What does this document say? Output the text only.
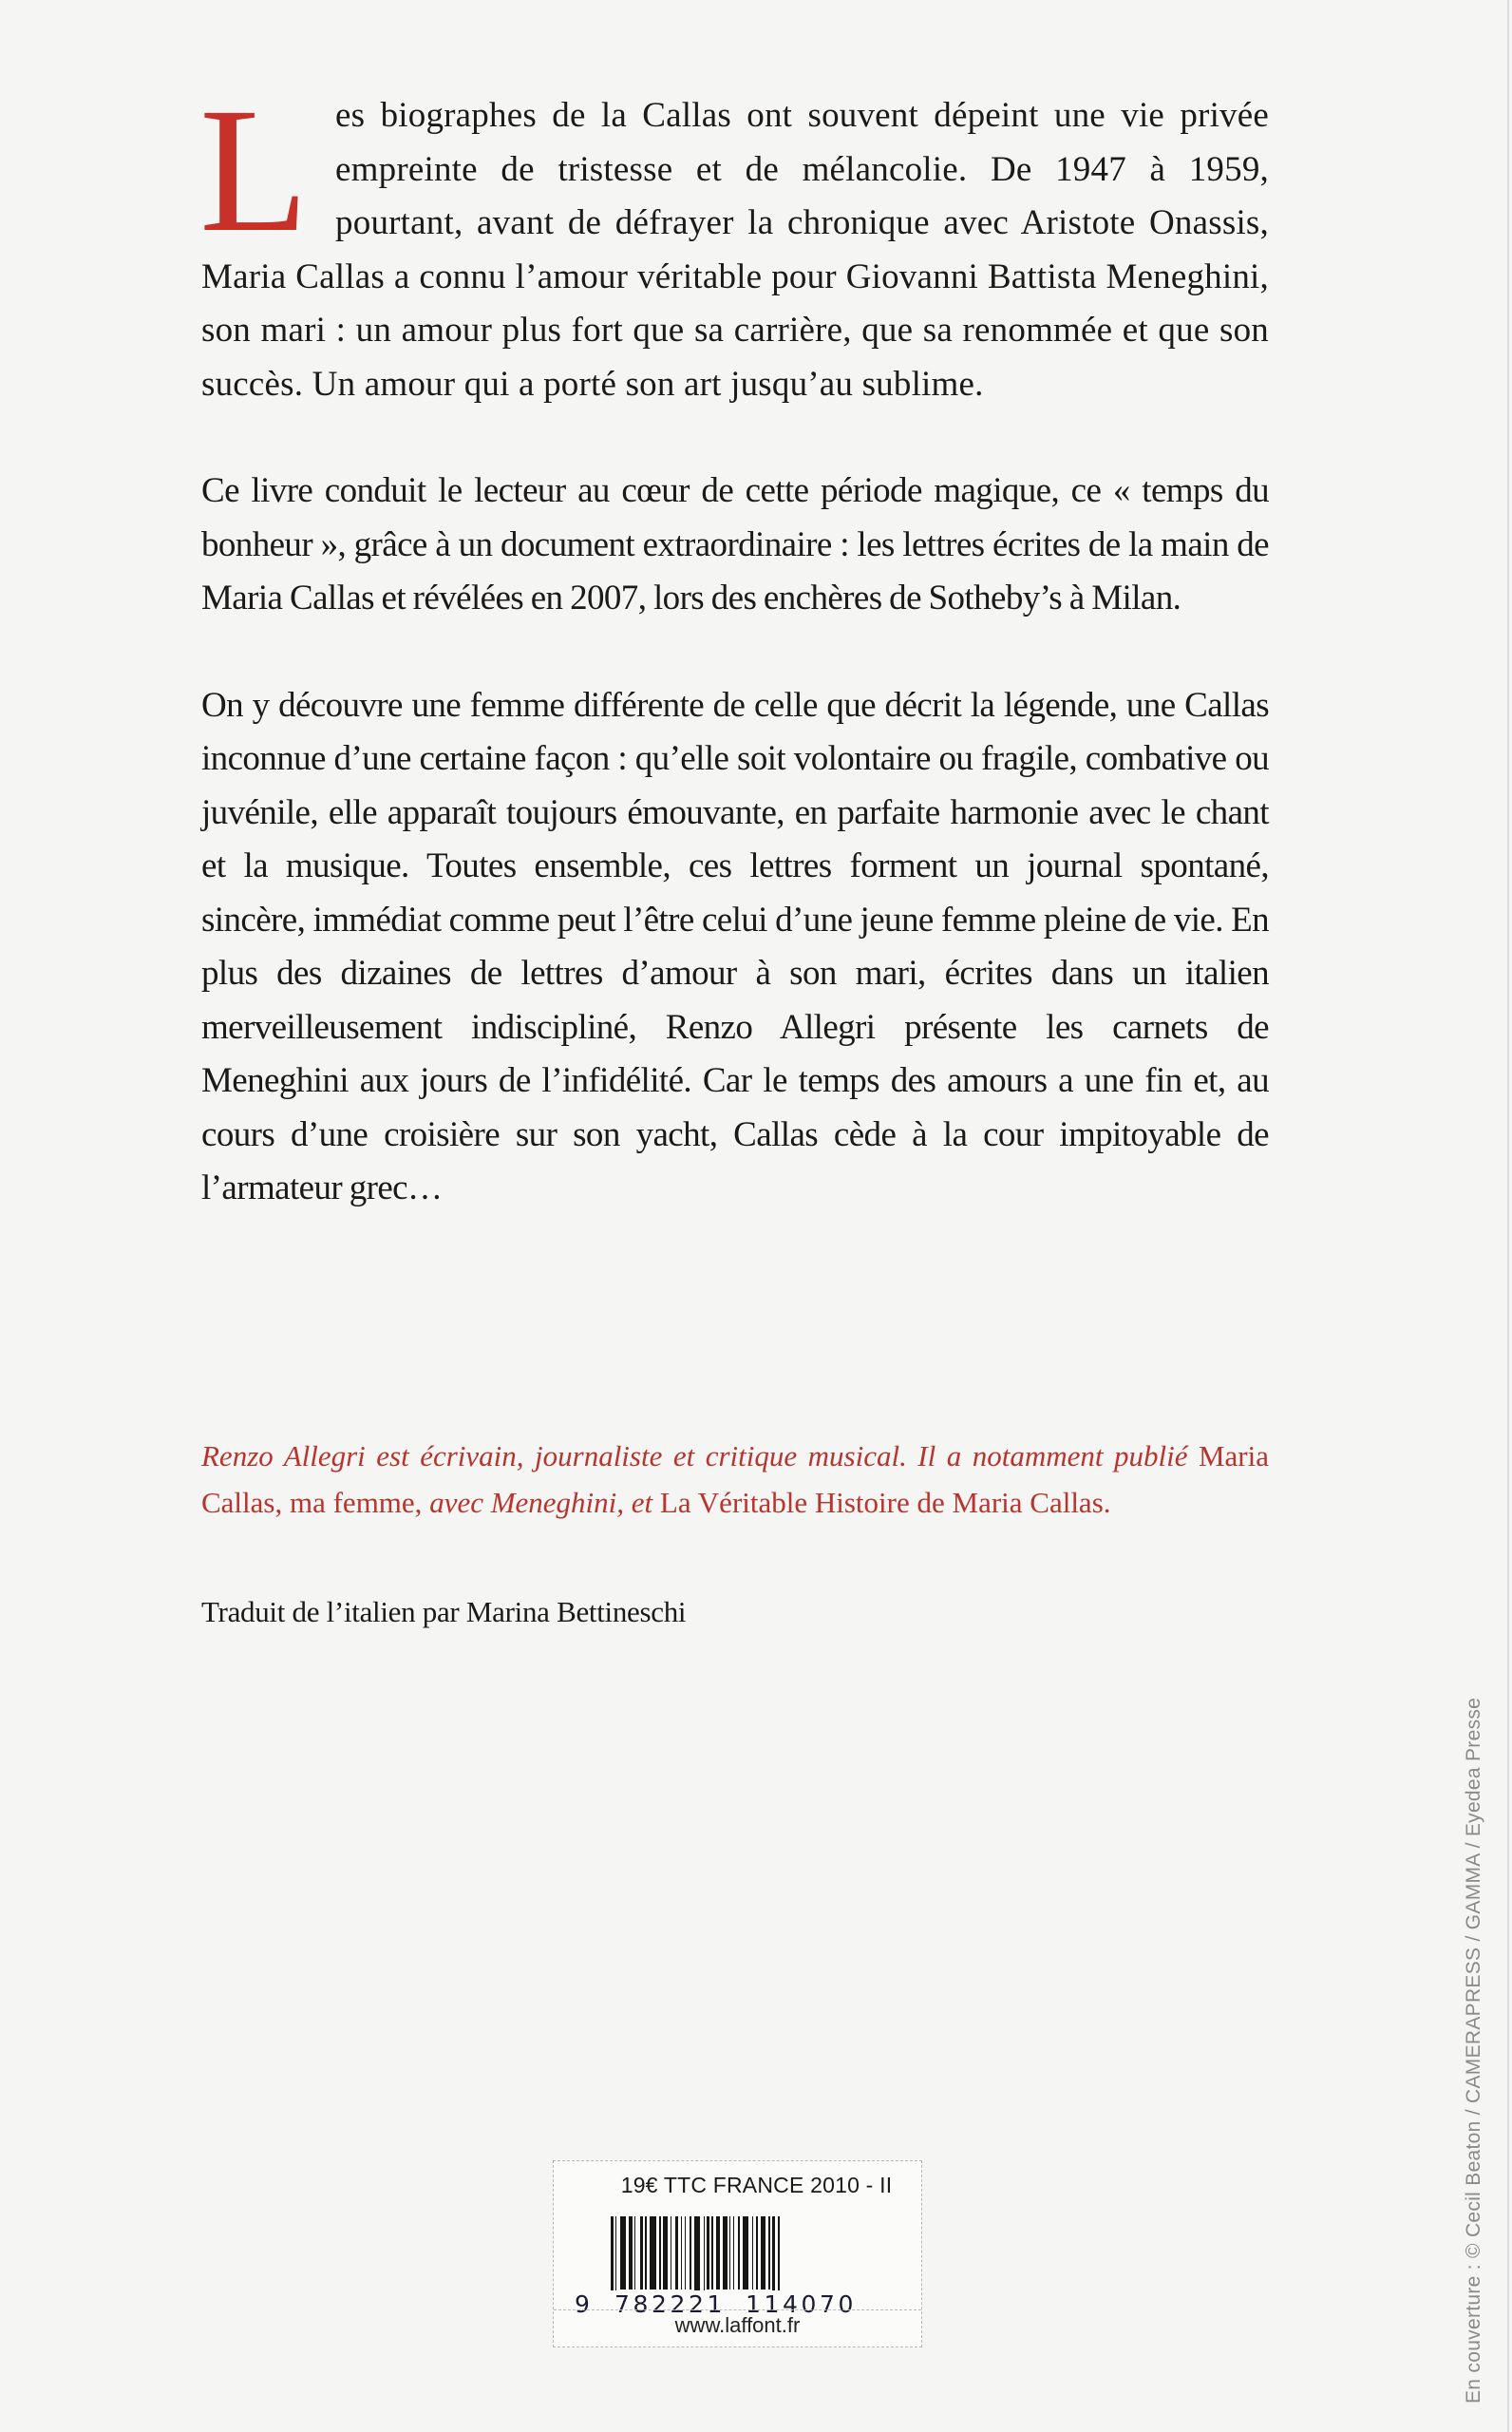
Les biographes de la Callas ont souvent dépeint une vie privée empreinte de tristesse et de mélancolie. De 1947 à 1959, pourtant, avant de défrayer la chronique avec Aristote Onassis, Maria Callas a connu l’amour véritable pour Giovanni Battista Meneghini, son mari : un amour plus fort que sa carrière, que sa renommée et que son succès. Un amour qui a porté son art jusqu’au sublime.

Ce livre conduit le lecteur au cœur de cette période magique, ce « temps du bonheur », grâce à un document extraordinaire : les lettres écrites de la main de Maria Callas et révélées en 2007, lors des enchères de Sotheby’s à Milan.

On y découvre une femme différente de celle que décrit la légende, une Callas inconnue d’une certaine façon : qu’elle soit volontaire ou fragile, combative ou juvénile, elle apparaît toujours émouvante, en parfaite harmonie avec le chant et la musique. Toutes ensemble, ces lettres forment un journal spontané, sincère, immédiat comme peut l’être celui d’une jeune femme pleine de vie. En plus des dizaines de lettres d’amour à son mari, écrites dans un italien merveilleusement indiscipliné, Renzo Allegri présente les carnets de Meneghini aux jours de l’infidélité. Car le temps des amours a une fin et, au cours d’une croisière sur son yacht, Callas cède à la cour impitoyable de l’armateur grec…

Renzo Allegri est écrivain, journaliste et critique musical. Il a notamment publié Maria Callas, ma femme, avec Meneghini, et La Véritable Histoire de Maria Callas.

Traduit de l’italien par Marina Bettineschi
19€ TTC FRANCE 2010 - II
9 782221 114070
www.laffont.fr	En couverture : © Cecil Beaton / CAMERAPRESS / GAMMA / Eyedea Presse
